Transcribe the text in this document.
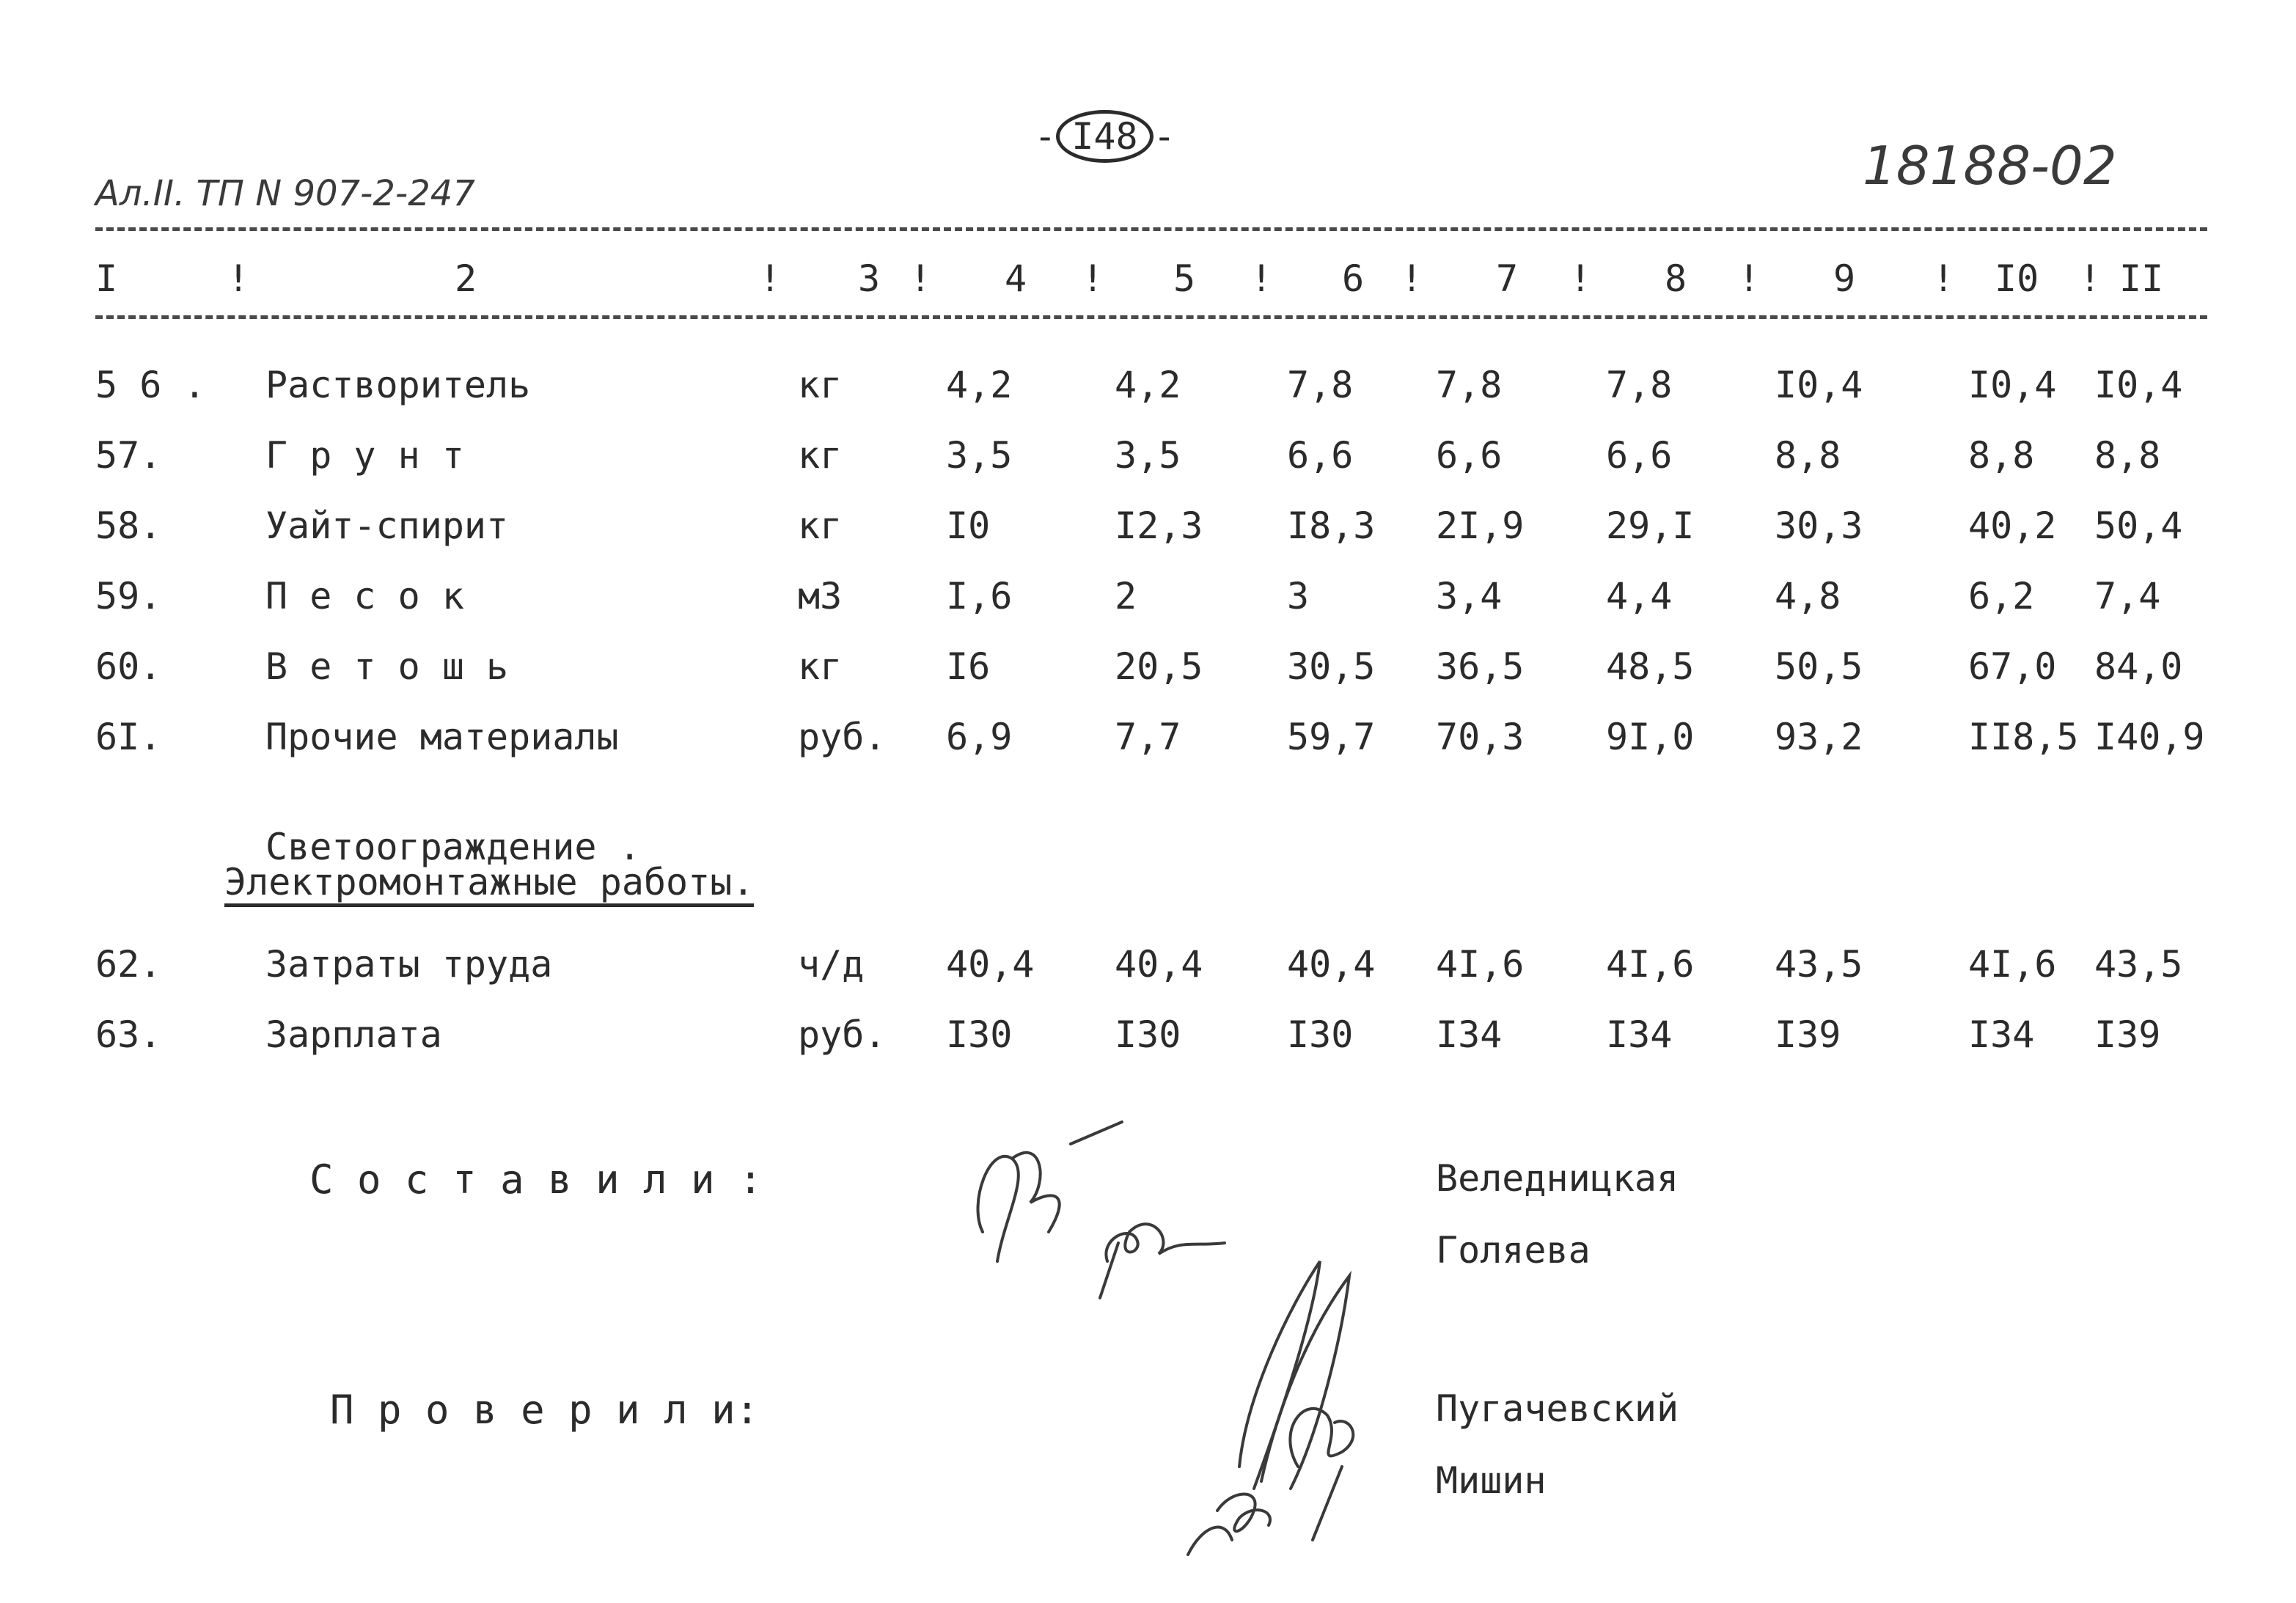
- I48 -

Ал.II. ТП N 907-2-247	18188-02
I	2	3	4	5	6	7	8	9	I0 II
!	!	!	!	!	!	!	!	!	!
5 6 . Растворитель	кг	4,2	4,2	7,8 7,8	7,8	I0,4	I0,4 I0,4
57.	Г р у н т	кг	3,5	3,5	6,6 6,6	6,6	8,8	8,8 8,8
58.	Уайт-спирит	кг	I0	I2,3 I8,3 2I,9 29,I 30,3	40,2 50,4
59.	П е с о к	м3	I,6	2	3	3,4	4,4	4,8	6,2 7,4
60.	В е т о ш ь	кг	I6	20,5 30,5 36,5 48,5 50,5	67,0 84,0
6I.	Прочие материалы	руб. 6,9	7,7	59,7 70,3 9I,0 93,2	II8,5 I40,9
Светоограждение .
Электромонтажные работы.
62.	Затраты труда	ч/д 40,4 40,4 40,4 4I,6 4I,6 43,5	4I,6 43,5
63.	Зарплата	руб. I30	I30	I30 I34	I34	I39	I34 I39
С о с т а в и л и :	Веледницкая
Голяева
П р о в е р и л и:	Пугачевский
Мишин
